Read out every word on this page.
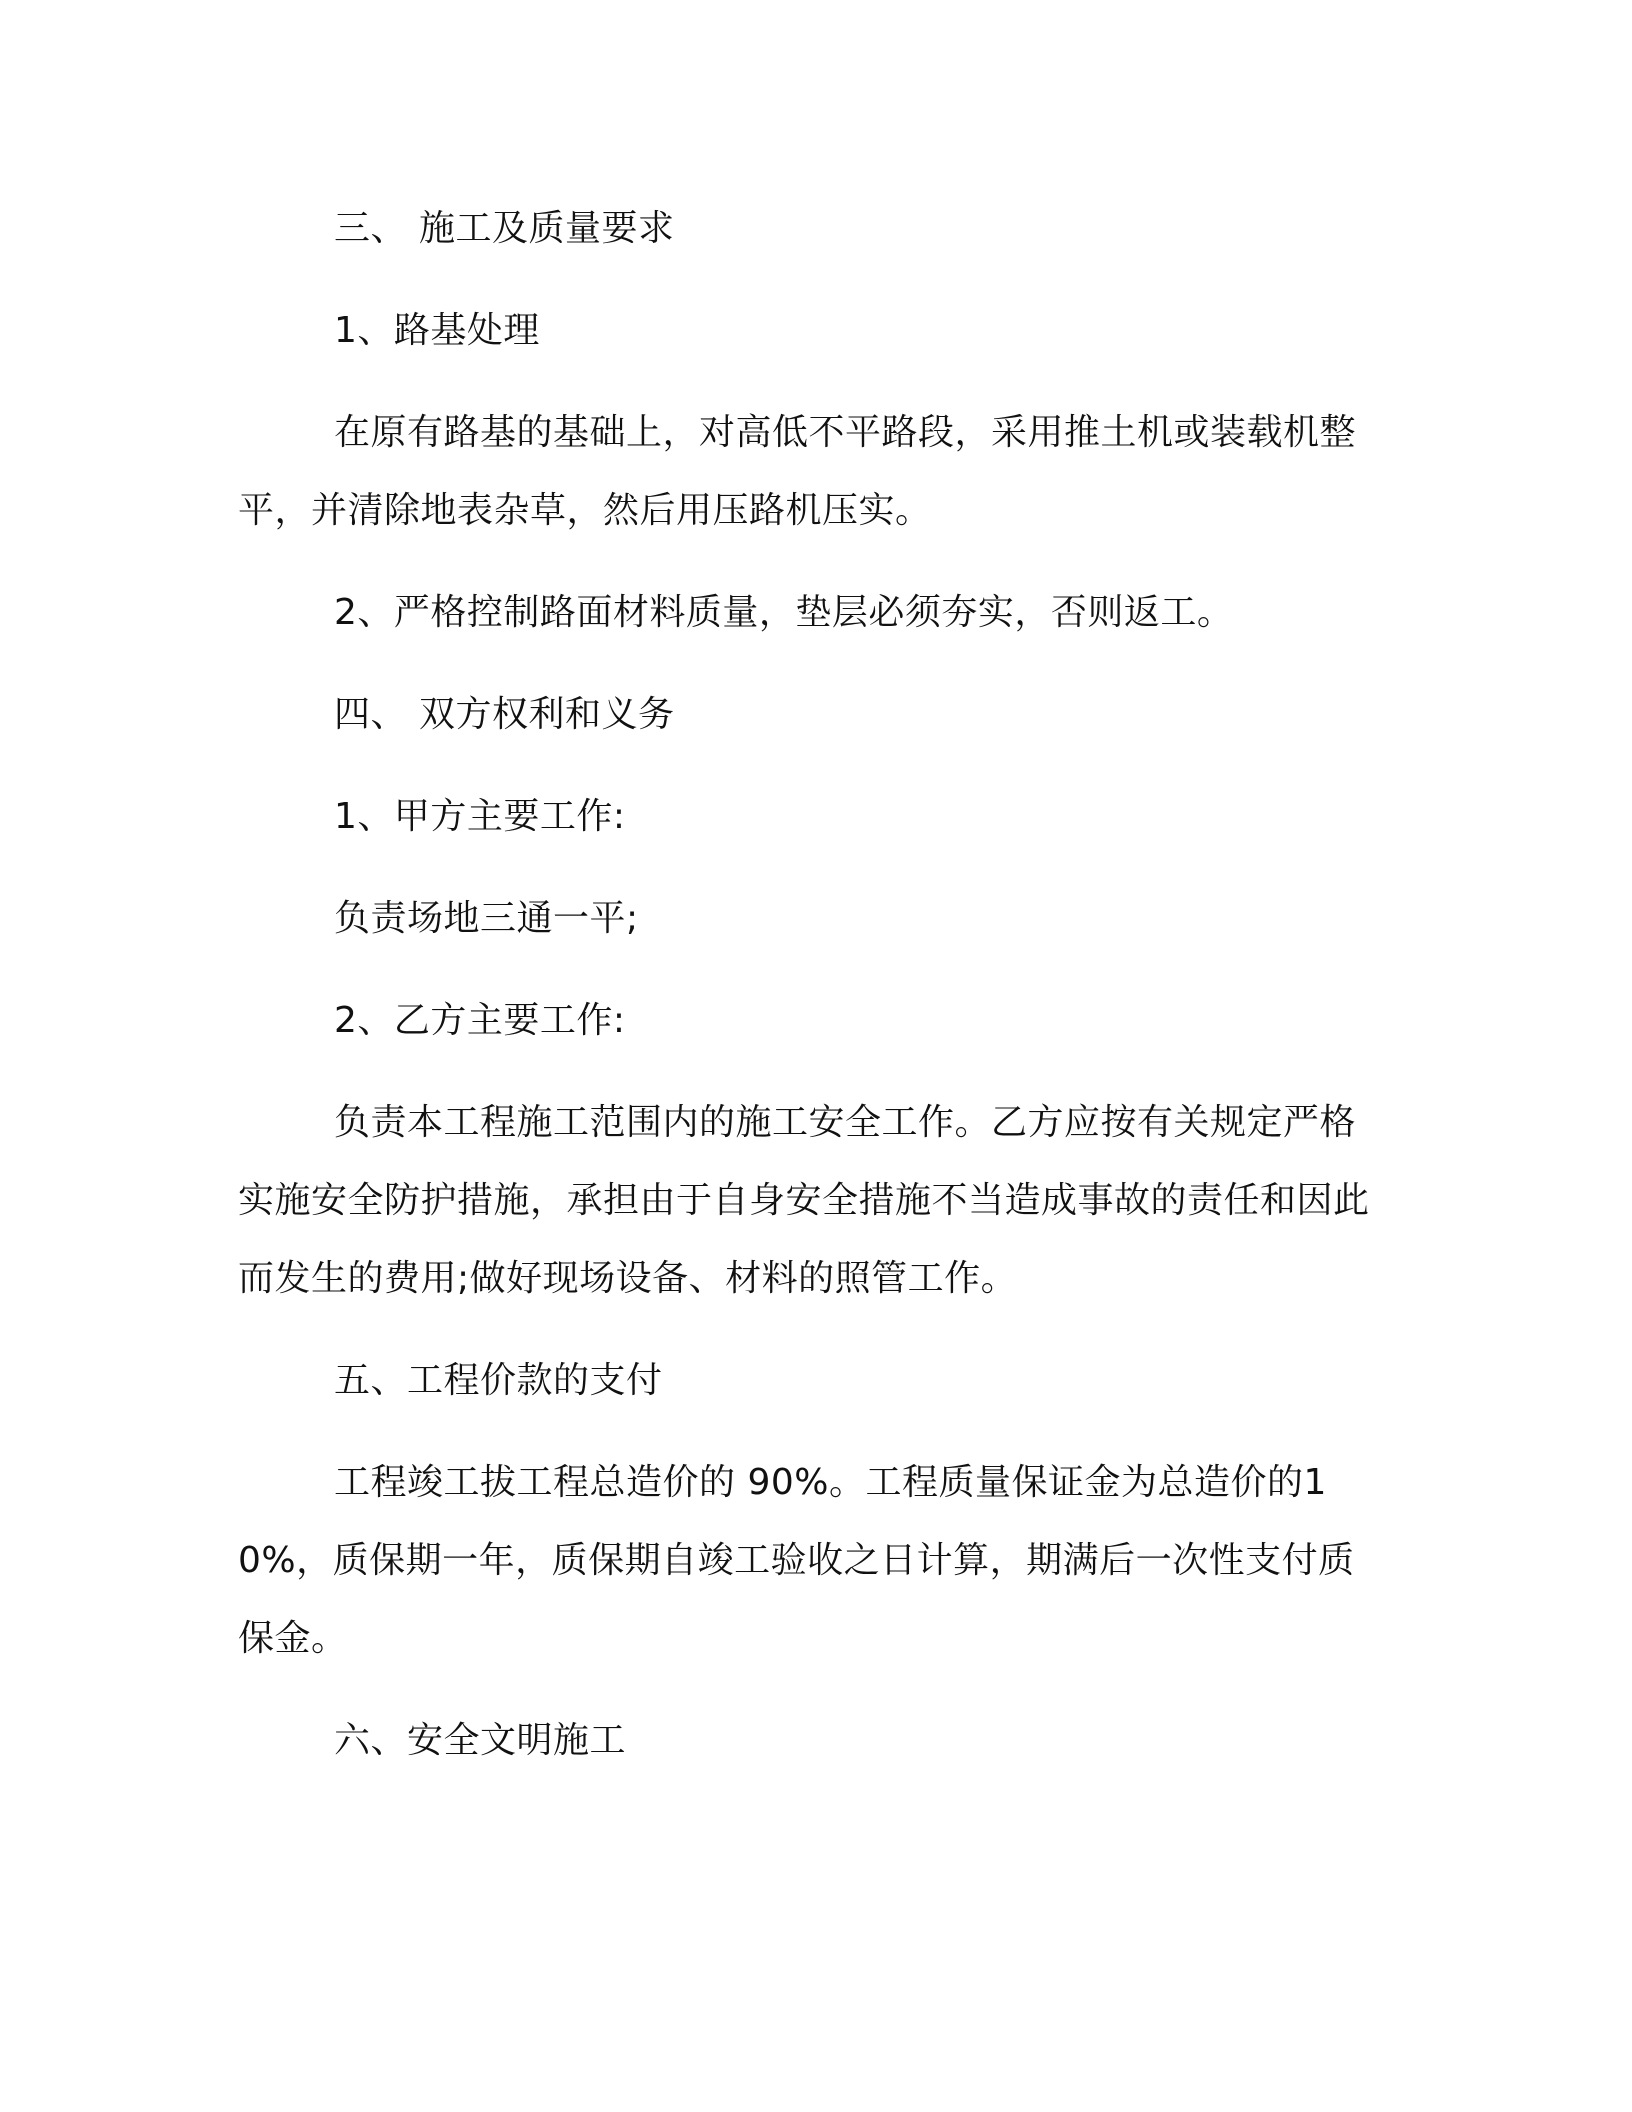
三、 施工及质量要求

1、路基处理

在原有路基的基础上，对高低不平路段，采用推土机或装载机整平，并清除地表杂草，然后用压路机压实。

2、严格控制路面材料质量，垫层必须夯实，否则返工。

四、 双方权利和义务

1、甲方主要工作:

负责场地三通一平;

2、乙方主要工作:

负责本工程施工范围内的施工安全工作。乙方应按有关规定严格实施安全防护措施，承担由于自身安全措施不当造成事故的责任和因此而发生的费用;做好现场设备、材料的照管工作。

五、工程价款的支付

工程竣工拔工程总造价的 90%。工程质量保证金为总造价的10%，质保期一年，质保期自竣工验收之日计算，期满后一次性支付质保金。

六、安全文明施工
